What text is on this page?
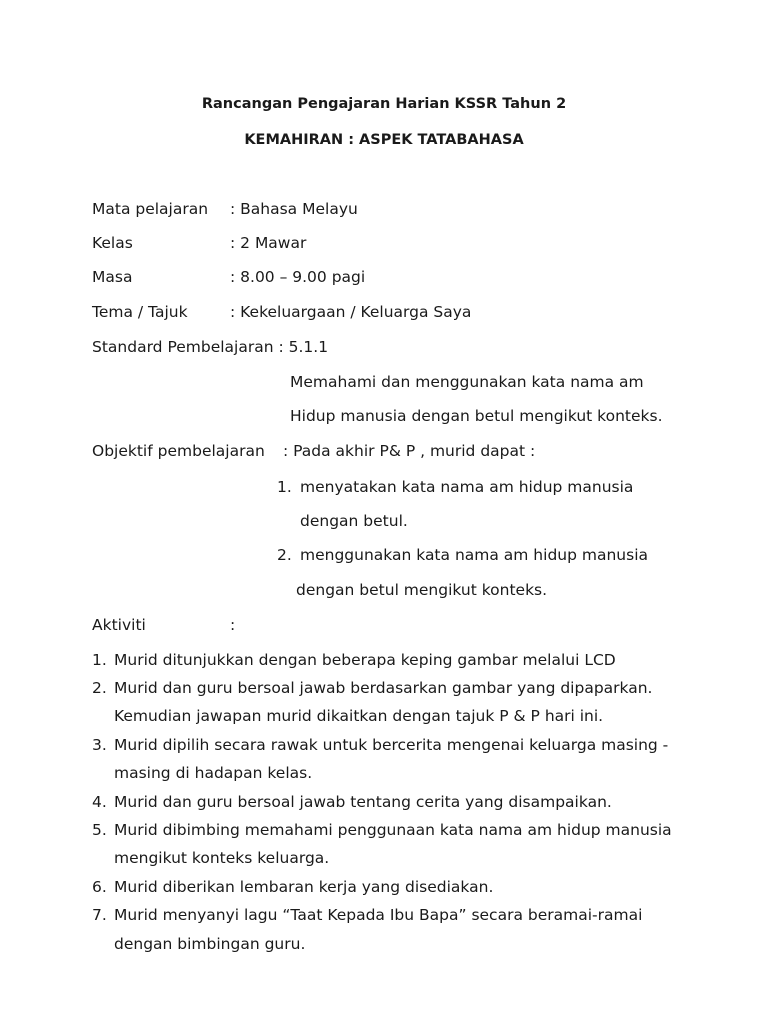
Rancangan Pengajaran Harian KSSR Tahun 2
KEMAHIRAN : ASPEK TATABAHASA
Mata pelajaran : Bahasa Melayu
Kelas	: 2 Mawar
Masa	: 8.00 – 9.00 pagi
Tema / Tajuk	: Kekeluargaan / Keluarga Saya
Standard Pembelajaran : 5.1.1
Memahami dan menggunakan kata nama am
Hidup manusia dengan betul mengikut konteks.
Objektif pembelajaran : Pada akhir P& P , murid dapat :
1. menyatakan kata nama am hidup manusia
dengan betul.
2. menggunakan kata nama am hidup manusia
dengan betul mengikut konteks.
Aktiviti	:
1. Murid ditunjukkan dengan beberapa keping gambar melalui LCD
2. Murid dan guru bersoal jawab berdasarkan gambar yang dipaparkan.
Kemudian jawapan murid dikaitkan dengan tajuk P & P hari ini.
3. Murid dipilih secara rawak untuk bercerita mengenai keluarga masing -
masing di hadapan kelas.
4. Murid dan guru bersoal jawab tentang cerita yang disampaikan.
5. Murid dibimbing memahami penggunaan kata nama am hidup manusia
mengikut konteks keluarga.
6. Murid diberikan lembaran kerja yang disediakan.
7. Murid menyanyi lagu “Taat Kepada Ibu Bapa” secara beramai-ramai
dengan bimbingan guru.
